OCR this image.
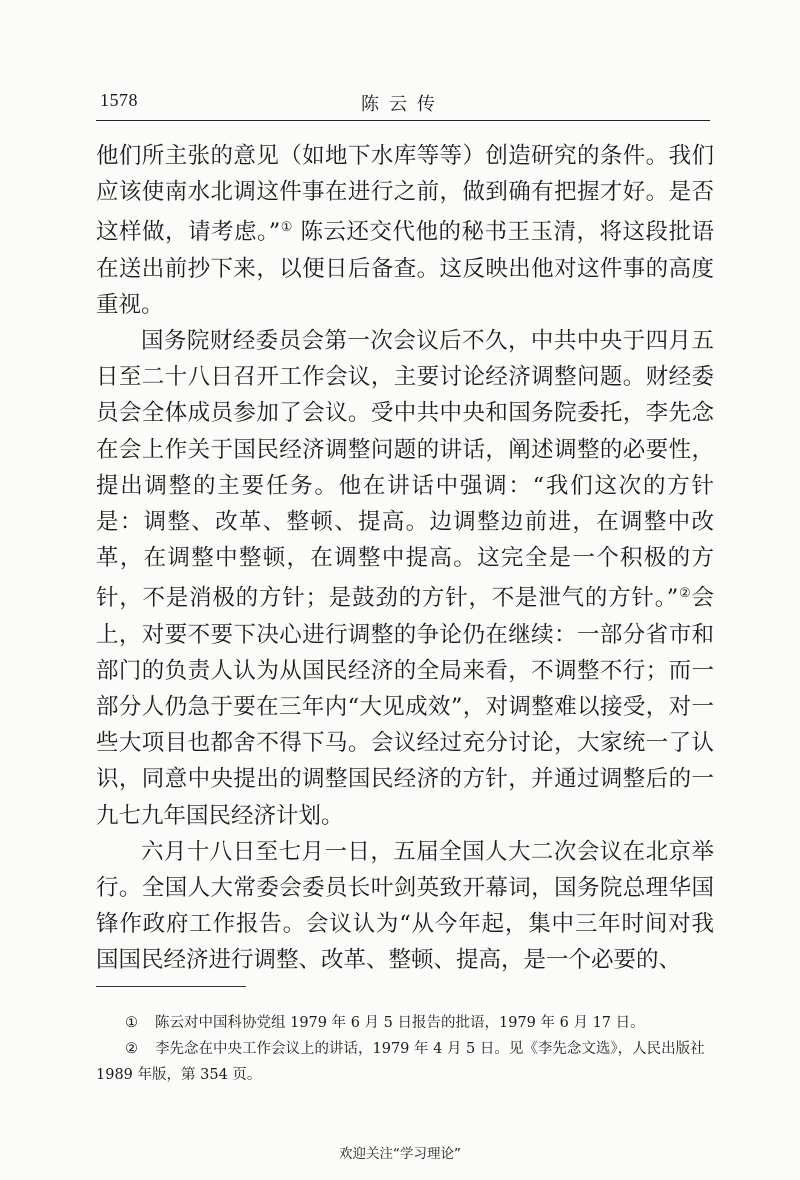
1578	陈云传

他们所主张的意见（如地下水库等等）创造研究的条件。我们应该使南水北调这件事在进行之前，做到确有把握才好。是否这样做，请考虑。”① 陈云还交代他的秘书王玉清，将这段批语在送出前抄下来，以便日后备查。这反映出他对这件事的高度重视。

国务院财经委员会第一次会议后不久，中共中央于四月五日至二十八日召开工作会议，主要讨论经济调整问题。财经委员会全体成员参加了会议。受中共中央和国务院委托，李先念在会上作关于国民经济调整问题的讲话，阐述调整的必要性，提出调整的主要任务。他在讲话中强调：“我们这次的方针是：调整、改革、整顿、提高。边调整边前进，在调整中改革，在调整中整顿，在调整中提高。这完全是一个积极的方针，不是消极的方针；是鼓劲的方针，不是泄气的方针。”②会上，对要不要下决心进行调整的争论仍在继续：一部分省市和部门的负责人认为从国民经济的全局来看，不调整不行；而一部分人仍急于要在三年内“大见成效”，对调整难以接受，对一些大项目也都舍不得下马。会议经过充分讨论，大家统一了认识，同意中央提出的调整国民经济的方针，并通过调整后的一九七九年国民经济计划。

六月十八日至七月一日，五届全国人大二次会议在北京举行。全国人大常委会委员长叶剑英致开幕词，国务院总理华国锋作政府工作报告。会议认为“从今年起，集中三年时间对我国国民经济进行调整、改革、整顿、提高，是一个必要的、

① 陈云对中国科协党组 1979 年 6 月 5 日报告的批语，1979 年 6 月 17 日。

② 李先念在中央工作会议上的讲话，1979 年 4 月 5 日。见《李先念文选》，人民出版社 1989 年版，第 354 页。

欢迎关注“学习理论”
